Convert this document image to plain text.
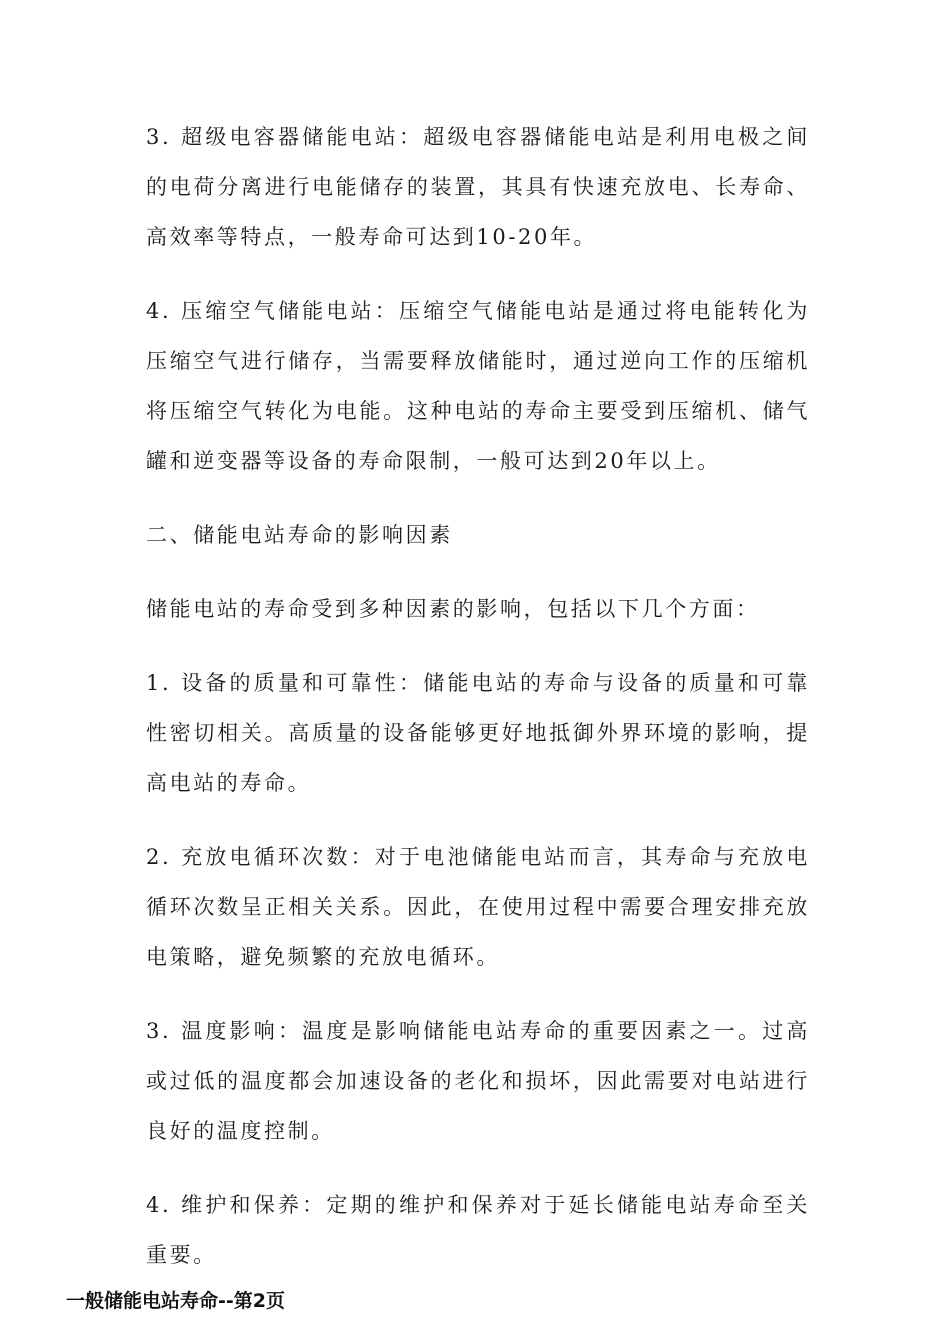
3. 超级电容器储能电站：超级电容器储能电站是利用电极之间的电荷分离进行电能储存的装置，其具有快速充放电、长寿命、高效率等特点，一般寿命可达到10-20年。

4. 压缩空气储能电站：压缩空气储能电站是通过将电能转化为压缩空气进行储存，当需要释放储能时，通过逆向工作的压缩机将压缩空气转化为电能。这种电站的寿命主要受到压缩机、储气罐和逆变器等设备的寿命限制，一般可达到20年以上。

二、储能电站寿命的影响因素

储能电站的寿命受到多种因素的影响，包括以下几个方面：

1. 设备的质量和可靠性：储能电站的寿命与设备的质量和可靠性密切相关。高质量的设备能够更好地抵御外界环境的影响，提高电站的寿命。

2. 充放电循环次数：对于电池储能电站而言，其寿命与充放电循环次数呈正相关关系。因此，在使用过程中需要合理安排充放电策略，避免频繁的充放电循环。

3. 温度影响：温度是影响储能电站寿命的重要因素之一。过高或过低的温度都会加速设备的老化和损坏，因此需要对电站进行良好的温度控制。

4. 维护和保养：定期的维护和保养对于延长储能电站寿命至关重要。

一般储能电站寿命--第2页
